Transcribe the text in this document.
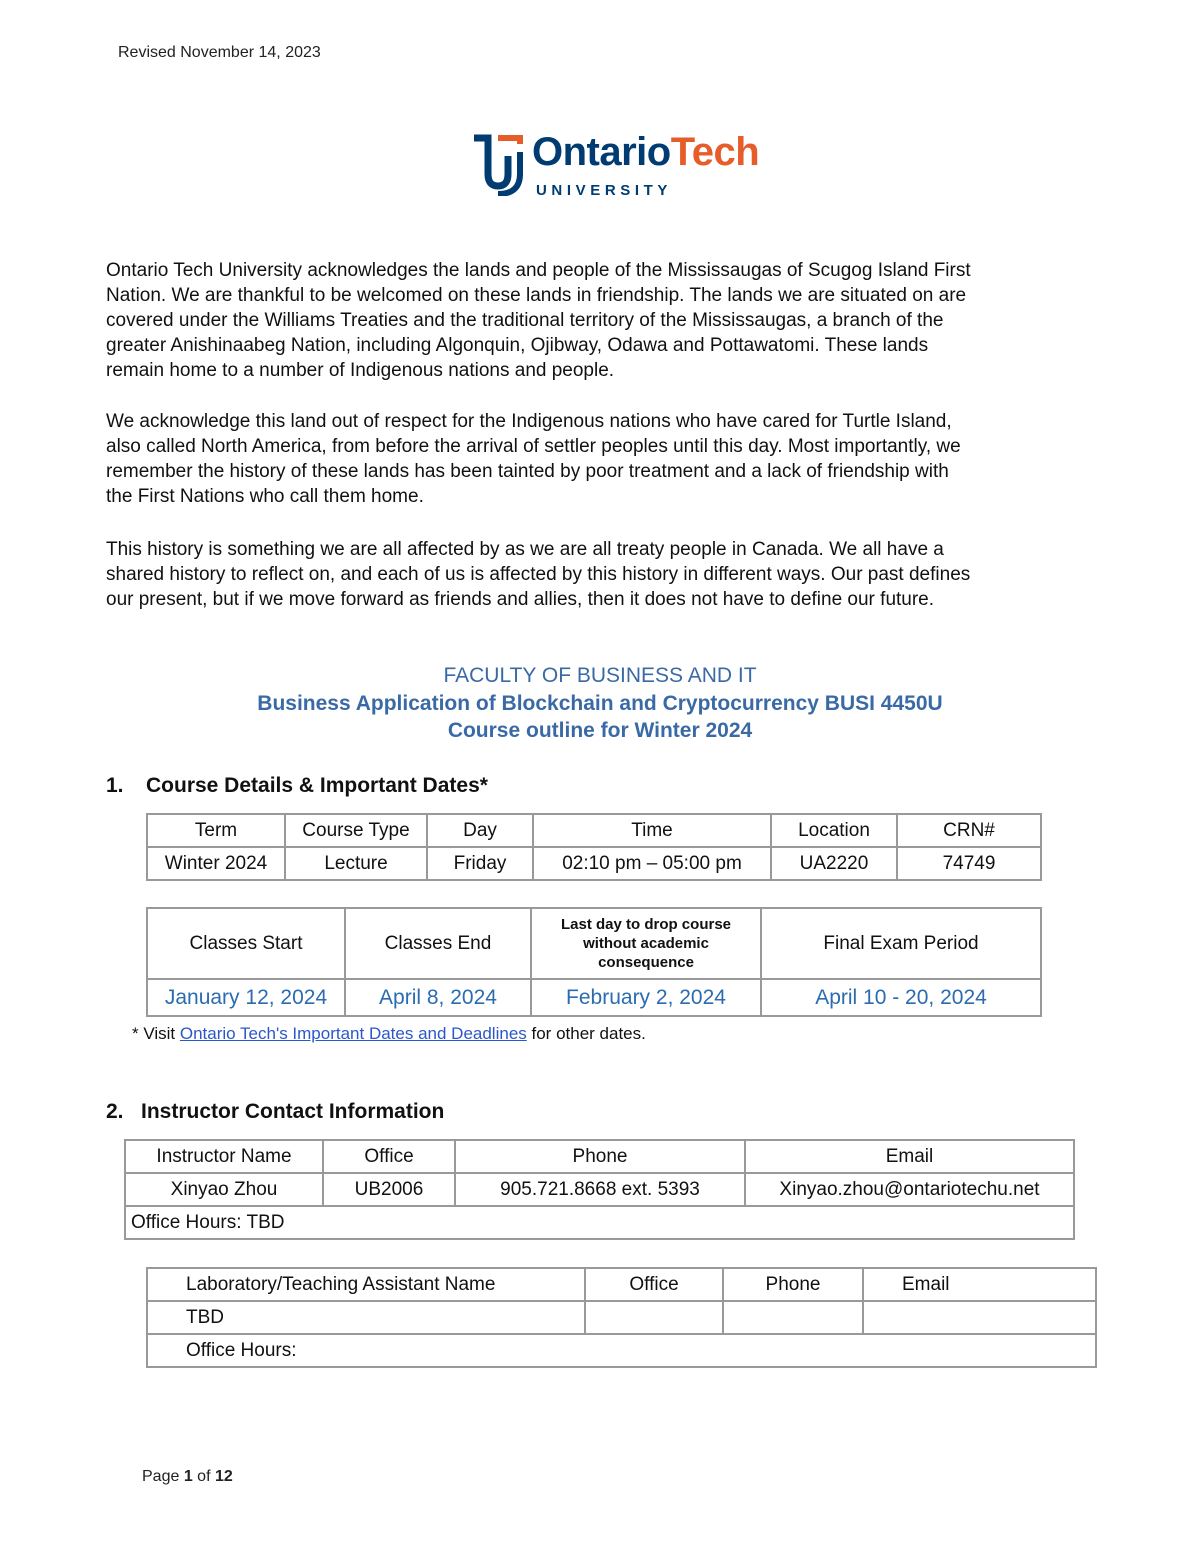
Revised November 14, 2023
OntarioTech
UNIVERSITY
Ontario Tech University acknowledges the lands and people of the Mississaugas of Scugog Island First
Nation. We are thankful to be welcomed on these lands in friendship. The lands we are situated on are
covered under the Williams Treaties and the traditional territory of the Mississaugas, a branch of the
greater Anishinaabeg Nation, including Algonquin, Ojibway, Odawa and Pottawatomi. These lands
remain home to a number of Indigenous nations and people.
We acknowledge this land out of respect for the Indigenous nations who have cared for Turtle Island,
also called North America, from before the arrival of settler peoples until this day. Most importantly, we
remember the history of these lands has been tainted by poor treatment and a lack of friendship with
the First Nations who call them home.
This history is something we are all affected by as we are all treaty people in Canada. We all have a
shared history to reflect on, and each of us is affected by this history in different ways. Our past defines
our present, but if we move forward as friends and allies, then it does not have to define our future.
FACULTY OF BUSINESS AND IT
Business Application of Blockchain and Cryptocurrency BUSI 4450U
Course outline for Winter 2024
1. Course Details & Important Dates*
Term	Course Type	Day	Time	Location	CRN#
Winter 2024	Lecture	Friday	02:10 pm – 05:00 pm	UA2220	74749
Classes Start	Classes End	Last day to drop course without academic consequence	Final Exam Period
January 12, 2024	April 8, 2024	February 2, 2024	April 10 - 20, 2024
* Visit Ontario Tech's Important Dates and Deadlines for other dates.
2. Instructor Contact Information
Instructor Name	Office	Phone	Email
Xinyao Zhou	UB2006	905.721.8668 ext. 5393	Xinyao.zhou@ontariotechu.net
Office Hours: TBD			
Laboratory/Teaching Assistant Name	Office	Phone	Email
TBD			
Office Hours:			
Page 1 of 12
